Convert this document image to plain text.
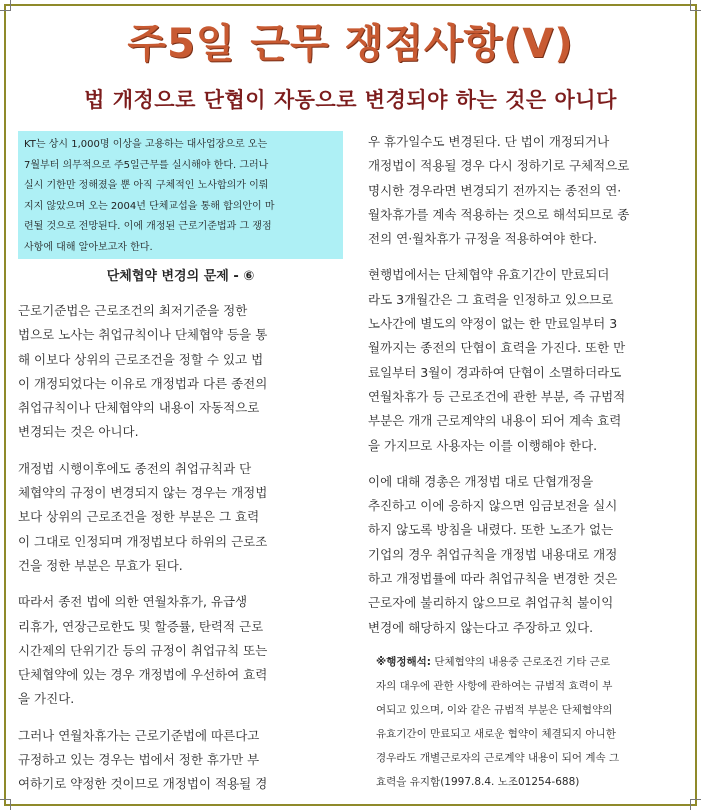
주5일 근무 쟁점사항(Ⅴ)
법 개정으로 단협이 자동으로 변경되야 하는 것은 아니다
KT는 상시 1,000명 이상을 고용하는 대사업장으로 오는
7월부터 의무적으로 주5일근무를 실시해야 한다. 그러나
실시 기한만 정해졌을 뿐 아직 구체적인 노사합의가 이뤄
지지 않았으며 오는 2004년 단체교섭을 통해 합의안이 마
련될 것으로 전망된다. 이에 개정된 근로기준법과 그 쟁점
사항에 대해 알아보고자 한다.
단체협약 변경의 문제 - ⑥

근로기준법은 근로조건의 최저기준을 정한
법으로 노사는 취업규칙이나 단체협약 등을 통
해 이보다 상위의 근로조건을 정할 수 있고 법
이 개정되었다는 이유로 개정법과 다른 종전의
취업규칙이나 단체협약의 내용이 자동적으로
변경되는 것은 아니다.

개정법 시행이후에도 종전의 취업규칙과 단
체협약의 규정이 변경되지 않는 경우는 개정법
보다 상위의 근로조건을 정한 부분은 그 효력
이 그대로 인정되며 개정법보다 하위의 근로조
건을 정한 부분은 무효가 된다.

따라서 종전 법에 의한 연월차휴가, 유급생
리휴가, 연장근로한도 및 할증률, 탄력적 근로
시간제의 단위기간 등의 규정이 취업규칙 또는
단체협약에 있는 경우 개정법에 우선하여 효력
을 가진다.

그러나 연월차휴가는 근로기준법에 따른다고
규정하고 있는 경우는 법에서 정한 휴가만 부
여하기로 약정한 것이므로 개정법이 적용될 경

우 휴가일수도 변경된다. 단 법이 개정되거나
개정법이 적용될 경우 다시 정하기로 구체적으로
명시한 경우라면 변경되기 전까지는 종전의 연·
월차휴가를 계속 적용하는 것으로 해석되므로 종
전의 연·월차휴가 규정을 적용하여야 한다.

현행법에서는 단체협약 유효기간이 만료되더
라도 3개월간은 그 효력을 인정하고 있으므로
노사간에 별도의 약정이 없는 한 만료일부터 3
월까지는 종전의 단협이 효력을 가진다. 또한 만
료일부터 3월이 경과하여 단협이 소멸하더라도
연월차휴가 등 근로조건에 관한 부분, 즉 규범적
부분은 개개 근로계약의 내용이 되어 계속 효력
을 가지므로 사용자는 이를 이행해야 한다.

이에 대해 경총은 개정법 대로 단협개정을
추진하고 이에 응하지 않으면 임금보전을 실시
하지 않도록 방침을 내렸다. 또한 노조가 없는
기업의 경우 취업규칙을 개정법 내용대로 개정
하고 개정법률에 따라 취업규칙을 변경한 것은
근로자에 불리하지 않으므로 취업규칙 불이익
변경에 해당하지 않는다고 주장하고 있다.

※행정해석: 단체협약의 내용중 근로조건 기타 근로
자의 대우에 관한 사항에 관하여는 규범적 효력이 부
여되고 있으며, 이와 같은 규범적 부분은 단체협약의
유효기간이 만료되고 새로운 협약이 체결되지 아니한
경우라도 개별근로자의 근로계약 내용이 되어 계속 그
효력을 유지함(1997.8.4. 노조01254-688)
